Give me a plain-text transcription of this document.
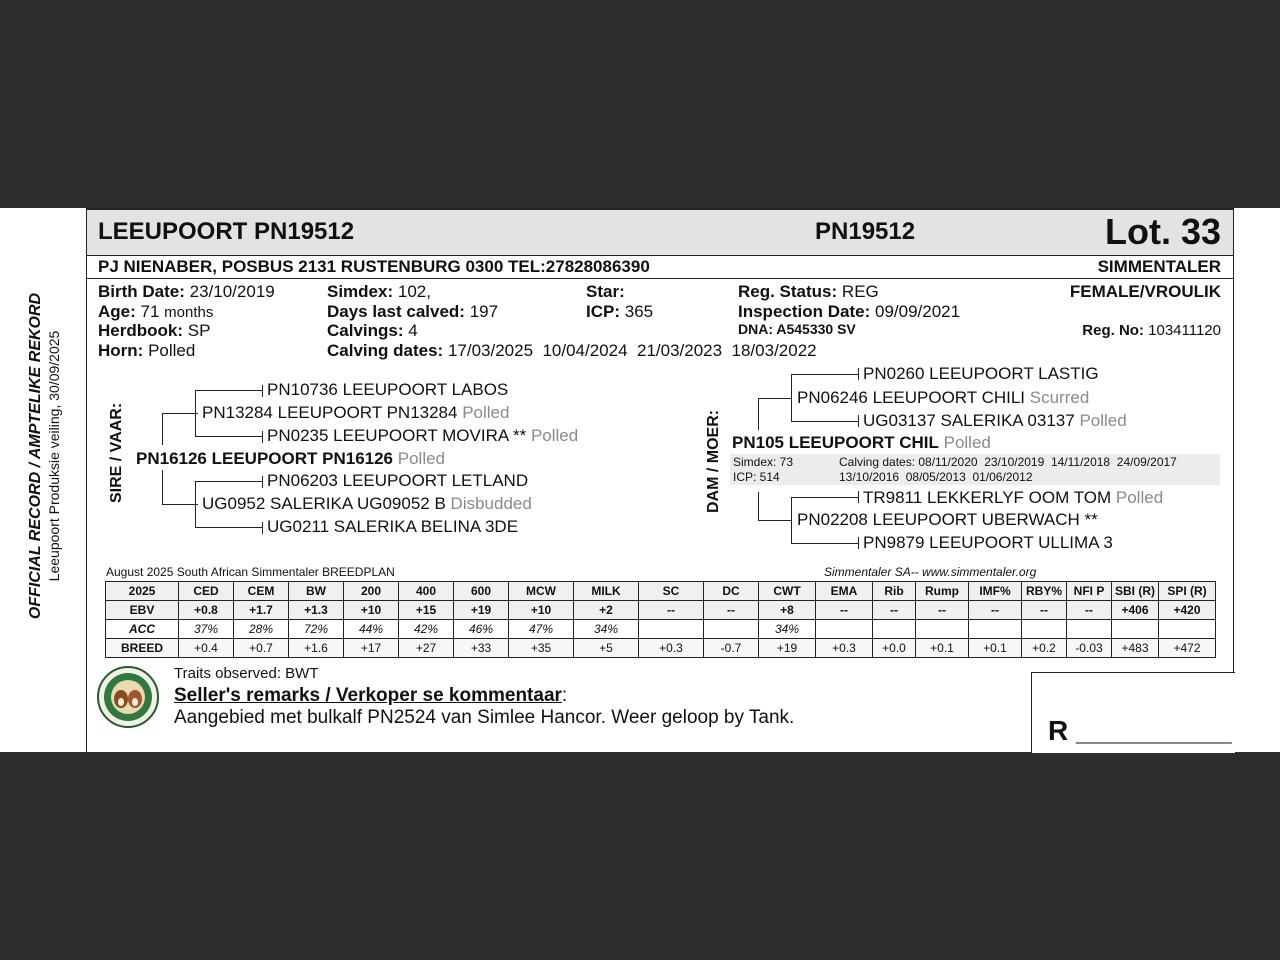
OFFICIAL RECORD / AMPTELIKE REKORD Leeupoort Produksie veiling, 30/09/2025
LEEUPOORT PN19512	PN19512	Lot. 33
PJ NIENABER, POSBUS 2131 RUSTENBURG 0300 TEL:27828086390	SIMMENTALER
Birth Date: 23/10/2019
Age: 71 months
Herdbook: SP
Horn: Polled
Simdex: 102,
Days last calved: 197
Calvings: 4
Calving dates: 17/03/2025  10/04/2024  21/03/2023  18/03/2022
Star:
ICP: 365
Reg. Status: REG
Inspection Date: 09/09/2021
DNA: A545330 SV
FEMALE/VROULIK
Reg. No: 103411120
SIRE / VAAR:
PN10736 LEEUPOORT LABOS
PN13284 LEEUPOORT PN13284 Polled
PN0235 LEEUPOORT MOVIRA ** Polled
PN16126 LEEUPOORT PN16126 Polled
PN06203 LEEUPOORT LETLAND
UG0952 SALERIKA UG09052 B Disbudded
UG0211 SALERIKA BELINA 3DE
DAM / MOER:
PN0260 LEEUPOORT LASTIG
PN06246 LEEUPOORT CHILI Scurred
UG03137 SALERIKA 03137 Polled
PN105 LEEUPOORT CHIL Polled
Simdex: 73
ICP: 514
Calving dates: 08/11/2020  23/10/2019  14/11/2018  24/09/2017
13/10/2016  08/05/2013  01/06/2012
TR9811 LEKKERLYF OOM TOM Polled
PN02208 LEEUPOORT UBERWACH **
PN9879 LEEUPOORT ULLIMA 3
August 2025 South African Simmentaler BREEDPLAN	Simmentaler SA-- www.simmentaler.org
2025	CED	CEM	BW	200	400	600	MCW	MILK	SC	DC	CWT	EMA	Rib	Rump	IMF%	RBY%	NFI P	SBI (R)	SPI (R)
EBV	+0.8	+1.7	+1.3	+10	+15	+19	+10	+2	--	--	+8	--	--	--	--	--	--	+406	+420
ACC	37%	28%	72%	44%	42%	46%	47%	34%			34%								
BREED	+0.4	+0.7	+1.6	+17	+27	+33	+35	+5	+0.3	-0.7	+19	+0.3	+0.0	+0.1	+0.1	+0.2	-0.03	+483	+472
Traits observed: BWT
Seller's remarks / Verkoper se kommentaar:
Aangebied met bulkalf PN2524 van Simlee Hancor. Weer geloop by Tank.	R __________
